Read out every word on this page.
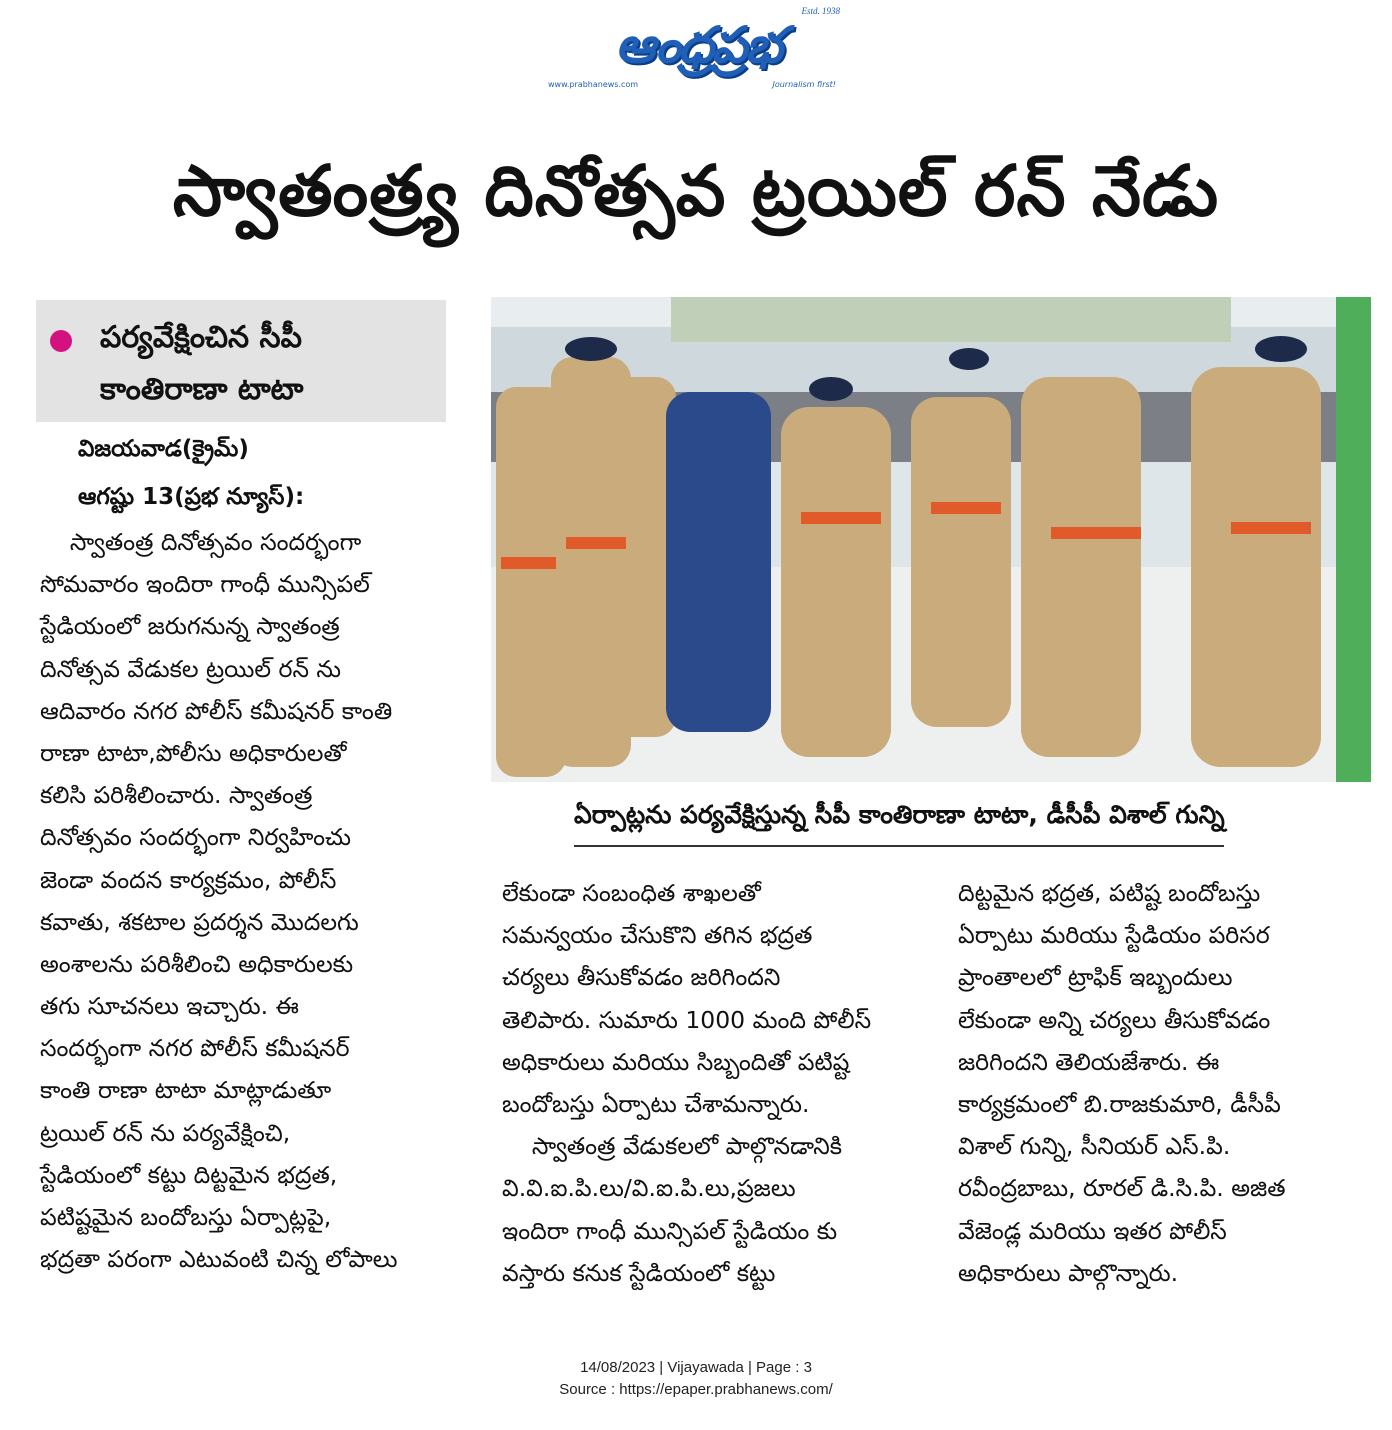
Estd. 1938
ఆంధ్రప్రభ
www.prabhanews.com	Journalism first!
స్వాతంత్ర్య దినోత్సవ ట్రయిల్ రన్ నేడు
పర్యవేక్షించిన సీపీ
కాంతిరాణా టాటా
విజయవాడ(క్రైమ్)
ఆగష్టు 13(ప్రభ న్యూస్):
స్వాతంత్ర దినోత్సవం సందర్భంగా
సోమవారం ఇందిరా గాంధీ మున్సిపల్
స్టేడియంలో జరుగనున్న స్వాతంత్ర
దినోత్సవ వేడుకల ట్రయిల్ రన్ ను
ఆదివారం నగర పోలీస్ కమీషనర్ కాంతి
రాణా టాటా,పోలీసు అధికారులతో
కలిసి పరిశీలించారు. స్వాతంత్ర
దినోత్సవం సందర్భంగా నిర్వహించు
జెండా వందన కార్యక్రమం, పోలీస్
కవాతు, శకటాల ప్రదర్శన మొదలగు
అంశాలను పరిశీలించి అధికారులకు
తగు సూచనలు ఇచ్చారు. ఈ
సందర్భంగా నగర పోలీస్ కమీషనర్
కాంతి రాణా టాటా మాట్లాడుతూ
ట్రయిల్ రన్ ను పర్యవేక్షించి,
స్టేడియంలో కట్టు దిట్టమైన భద్రత,
పటిష్టమైన బందోబస్తు ఏర్పాట్లపై,
భద్రతా పరంగా ఎటువంటి చిన్న లోపాలు
ఏర్పాట్లను పర్యవేక్షిస్తున్న సీపీ కాంతిరాణా టాటా, డీసీపీ విశాల్ గున్ని
లేకుండా సంబంధిత శాఖలతో
సమన్వయం చేసుకొని తగిన భద్రత
చర్యలు తీసుకోవడం జరిగిందని
తెలిపారు. సుమారు 1000 మంది పోలీస్
అధికారులు మరియు సిబ్బందితో పటిష్ట
బందోబస్తు ఏర్పాటు చేశామన్నారు.
స్వాతంత్ర వేడుకలలో పాల్గొనడానికి
వి.వి.ఐ.పి.లు/వి.ఐ.పి.లు,ప్రజలు
ఇందిరా గాంధీ మున్సిపల్ స్టేడియం కు
వస్తారు కనుక స్టేడియంలో కట్టు
దిట్టమైన భద్రత, పటిష్ట బందోబస్తు
ఏర్పాటు మరియు స్టేడియం పరిసర
ప్రాంతాలలో ట్రాఫిక్ ఇబ్బందులు
లేకుండా అన్ని చర్యలు తీసుకోవడం
జరిగిందని తెలియజేశారు. ఈ
కార్యక్రమంలో బి.రాజకుమారి, డీసీపీ
విశాల్ గున్ని, సీనియర్ ఎస్.పి.
రవీంద్రబాబు, రూరల్ డి.సి.పి. అజిత
వేజెండ్ల మరియు ఇతర పోలీస్
అధికారులు పాల్గొన్నారు.
14/08/2023 | Vijayawada | Page : 3
Source : https://epaper.prabhanews.com/
